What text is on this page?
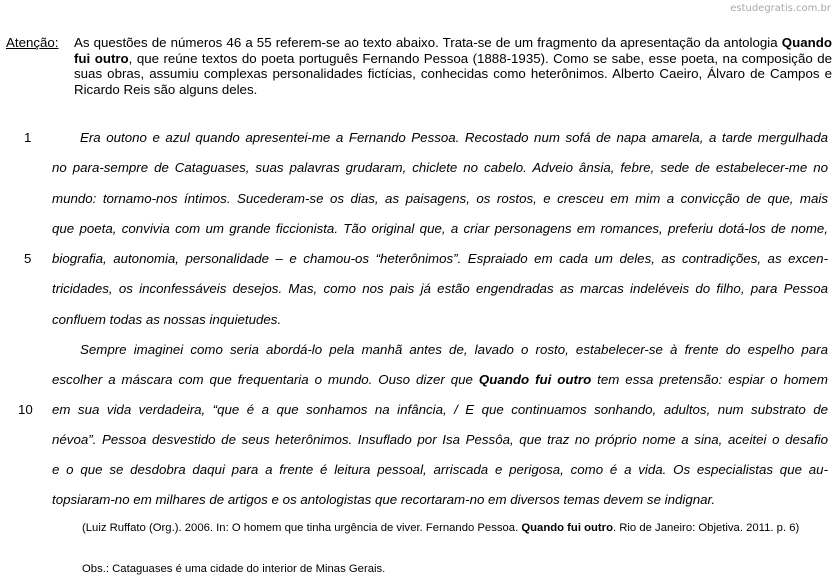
estudegratis.com.br
Atenção: As questões de números 46 a 55 referem-se ao texto abaixo. Trata-se de um fragmento da apresentação da antologia Quando fui outro, que reúne textos do poeta português Fernando Pessoa (1888-1935). Como se sabe, esse poeta, na composição de suas obras, assumiu complexas personalidades fictícias, conhecidas como heterônimos. Alberto Caeiro, Álvaro de Campos e Ricardo Reis são alguns deles.
1
5
10
Era outono e azul quando apresentei-me a Fernando Pessoa. Recostado num sofá de napa amarela, a tarde mergulhada
no para-sempre de Cataguases, suas palavras grudaram, chiclete no cabelo. Adveio ânsia, febre, sede de estabelecer-me no
mundo: tornamo-nos íntimos. Sucederam-se os dias, as paisagens, os rostos, e cresceu em mim a convicção de que, mais
que poeta, convivia com um grande ficcionista. Tão original que, a criar personagens em romances, preferiu dotá-los de nome,
biografia, autonomia, personalidade – e chamou-os “heterônimos”. Espraiado em cada um deles, as contradições, as excen-
tricidades, os inconfessáveis desejos. Mas, como nos pais já estão engendradas as marcas indeléveis do filho, para Pessoa
confluem todas as nossas inquietudes.
Sempre imaginei como seria abordá-lo pela manhã antes de, lavado o rosto, estabelecer-se à frente do espelho para
escolher a máscara com que frequentaria o mundo. Ouso dizer que Quando fui outro tem essa pretensão: espiar o homem
em sua vida verdadeira, “que é a que sonhamos na infância, / E que continuamos sonhando, adultos, num substrato de
névoa”. Pessoa desvestido de seus heterônimos. Insuflado por Isa Pessôa, que traz no próprio nome a sina, aceitei o desafio
e o que se desdobra daqui para a frente é leitura pessoal, arriscada e perigosa, como é a vida. Os especialistas que au-
topsiaram-no em milhares de artigos e os antologistas que recortaram-no em diversos temas devem se indignar.
(Luiz Ruffato (Org.). 2006. In: O homem que tinha urgência de viver. Fernando Pessoa. Quando fui outro. Rio de Janeiro: Objetiva. 2011. p. 6)
Obs.: Cataguases é uma cidade do interior de Minas Gerais.
